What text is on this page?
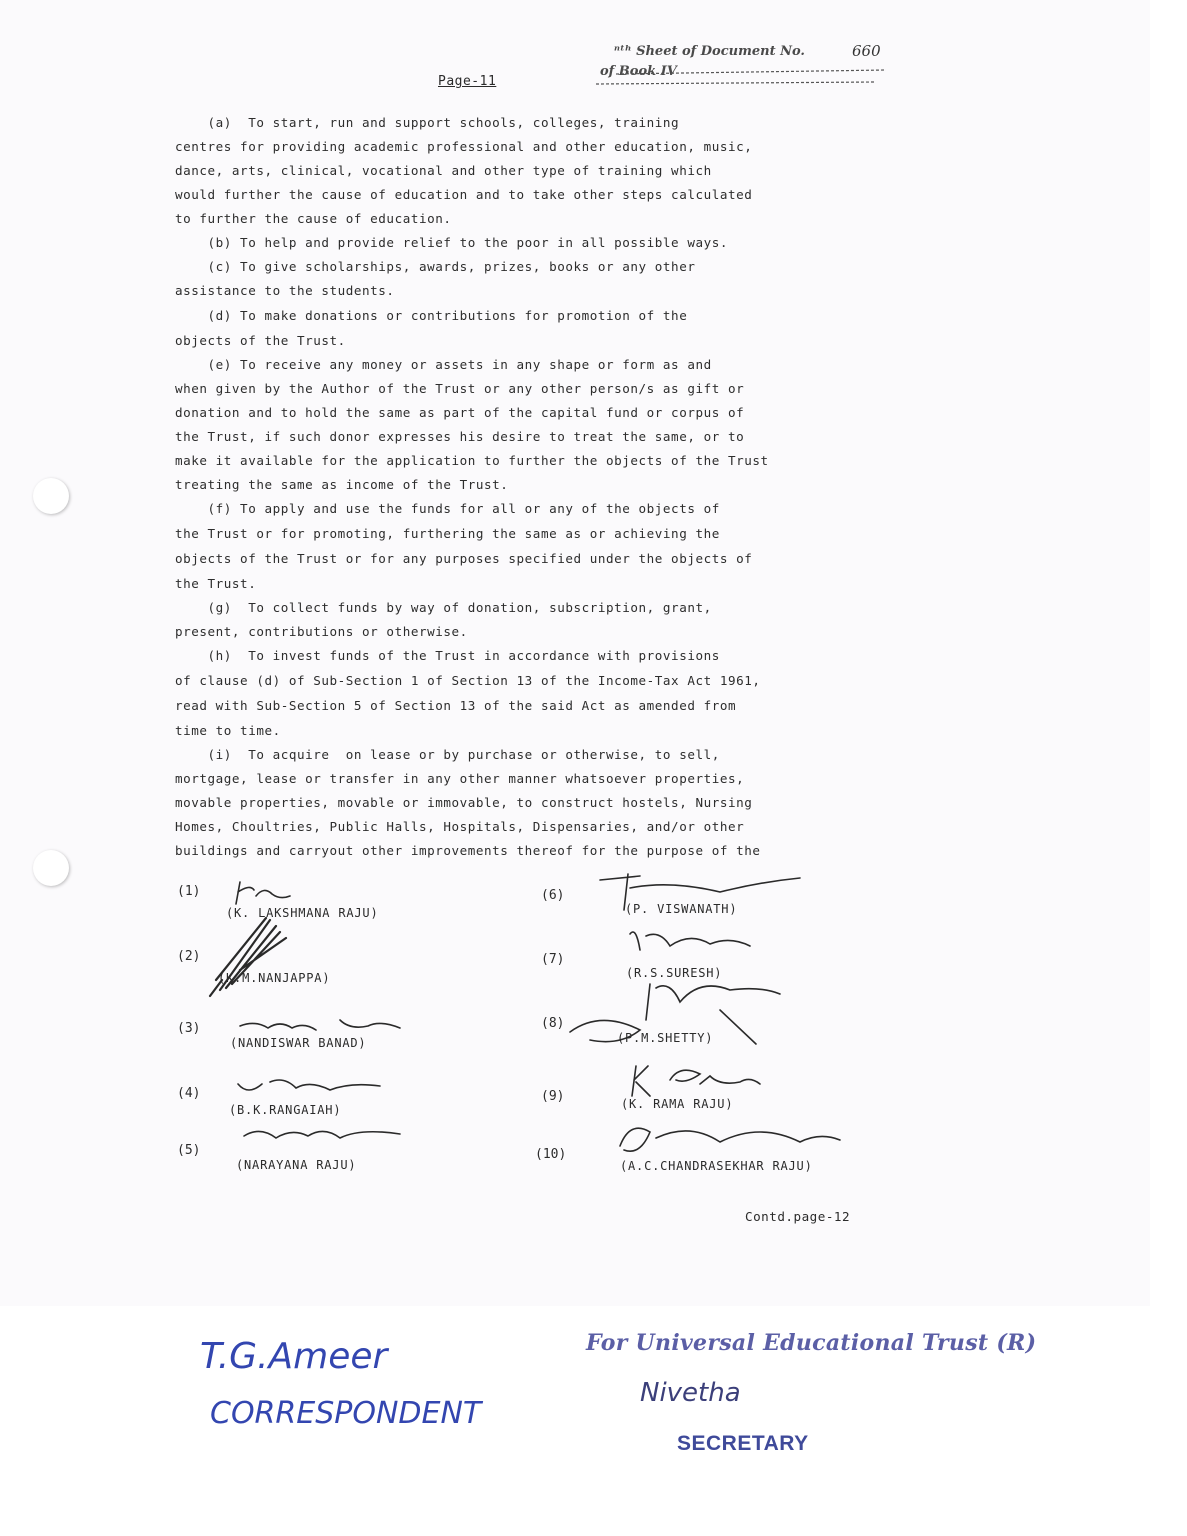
ⁿᵗʰ Sheet of Document No.
of Book IV
660
Page-11
(a)  To start, run and support schools, colleges, training
centres for providing academic professional and other education, music,
dance, arts, clinical, vocational and other type of training which
would further the cause of education and to take other steps calculated
to further the cause of education.
(b) To help and provide relief to the poor in all possible ways.
(c) To give scholarships, awards, prizes, books or any other
assistance to the students.
(d) To make donations or contributions for promotion of the
objects of the Trust.
(e) To receive any money or assets in any shape or form as and
when given by the Author of the Trust or any other person/s as gift or
donation and to hold the same as part of the capital fund or corpus of
the Trust, if such donor expresses his desire to treat the same, or to
make it available for the application to further the objects of the Trust
treating the same as income of the Trust.
(f) To apply and use the funds for all or any of the objects of
the Trust or for promoting, furthering the same as or achieving the
objects of the Trust or for any purposes specified under the objects of
the Trust.
(g)  To collect funds by way of donation, subscription, grant,
present, contributions or otherwise.
(h)  To invest funds of the Trust in accordance with provisions
of clause (d) of Sub-Section 1 of Section 13 of the Income-Tax Act 1961,
read with Sub-Section 5 of Section 13 of the said Act as amended from
time to time.
(i)  To acquire  on lease or by purchase or otherwise, to sell,
mortgage, lease or transfer in any other manner whatsoever properties,
movable properties, movable or immovable, to construct hostels, Nursing
Homes, Choultries, Public Halls, Hospitals, Dispensaries, and/or other
buildings and carryout other improvements thereof for the purpose of the
(1)
(K. LAKSHMANA RAJU)
(2)
(K.M.NANJAPPA)
(3)
(NANDISWAR BANAD)
(4)
(B.K.RANGAIAH)
(5)
(NARAYANA RAJU)
(6)
(P. VISWANATH)
(7)
(R.S.SURESH)
(8)
(P.M.SHETTY)
(9)	(K. RAMA RAJU)
(10)
(A.C.CHANDRASEKHAR RAJU)
Contd.page-12
T.G.Ameer
CORRESPONDENT
For Universal Educational Trust (R)
Nivetha
SECRETARY
